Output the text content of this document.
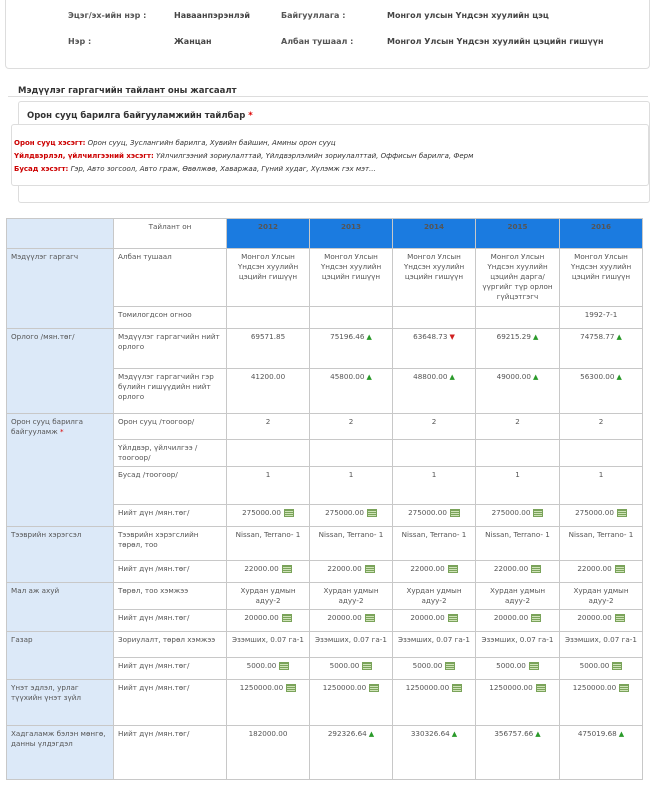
Эцэг/эх-ийн нэр :	Наваанпэрэнлэй
Нэр :	Жанцан
Байгууллага :	Монгол улсын Үндсэн хуулийн цэц
Албан тушаал :	Монгол Улсын Үндсэн хуулийн цэцийн гишүүн
Мэдүүлэг гаргагчийн тайлант оны жагсаалт
Орон сууц барилга байгууламжийн тайлбар *
Орон сууц хэсэгт: Орон сууц, Зуслангийн барилга, Хувийн байшин, Амины орон сууц
Үйлдвэрлэл, үйлчилгээний хэсэгт: Үйлчилгээний зориулалттай, Үйлдвэрлэлийн зориулалттай, Оффисын барилга, Ферм
Бусад хэсэгт: Гэр, Авто зогсоол, Авто граж, Өвөлжөө, Хаваржаа, Гүний худаг, Хүлэмж гэх мэт...
	Тайлант он	2012	2013	2014	2015	2016
Мэдүүлэг гаргагч	Албан тушаал	Монгол Улсын Үндсэн хуулийн цэцийн гишүүн	Монгол Улсын Үндсэн хуулийн цэцийн гишүүн	Монгол Улсын Үндсэн хуулийн цэцийн гишүүн	Монгол Улсын Үндсэн хуулийн цэцийн дарга/үүргийг түр орлон гүйцэтгэгч	Монгол Улсын Үндсэн хуулийн цэцийн гишүүн
	Томилогдсон огноо					1992-7-1
Орлого /мян.төг/	Мэдүүлэг гаргагчийн нийт орлого	69571.85	75196.46 ▲	63648.73 ▼	69215.29 ▲	74758.77 ▲
	Мэдүүлэг гаргагчийн гэр бүлийн гишүүдийн нийт орлого	41200.00	45800.00 ▲	48800.00 ▲	49000.00 ▲	56300.00 ▲
Орон сууц барилга байгууламж *	Орон сууц /тоогоор/	2	2	2	2	2
	Үйлдвэр, үйлчилгээ /тоогоор/					
	Бусад /тоогоор/	1	1	1	1	1
	Нийт дүн /мян.төг/	275000.00	275000.00	275000.00	275000.00	275000.00
Тээврийн хэрэгсэл	Тээврийн хэрэгслийн төрөл, тоо	Nissan, Terrano- 1	Nissan, Terrano- 1	Nissan, Terrano- 1	Nissan, Terrano- 1	Nissan, Terrano- 1
	Нийт дүн /мян.төг/	22000.00	22000.00	22000.00	22000.00	22000.00
Мал аж ахуй	Төрөл, тоо хэмжээ	Хурдан удмын адуу-2	Хурдан удмын адуу-2	Хурдан удмын адуу-2	Хурдан удмын адуу-2	Хурдан удмын адуу-2
	Нийт дүн /мян.төг/	20000.00	20000.00	20000.00	20000.00	20000.00
Газар	Зориулалт, төрөл хэмжээ	Эзэмших, 0.07 га-1	Эзэмших, 0.07 га-1	Эзэмших, 0.07 га-1	Эзэмших, 0.07 га-1	Эзэмших, 0.07 га-1
	Нийт дүн /мян.төг/	5000.00	5000.00	5000.00	5000.00	5000.00
Үнэт эдлэл, урлаг түүхийн үнэт зүйл	Нийт дүн /мян.төг/	1250000.00	1250000.00	1250000.00	1250000.00	1250000.00
Хадгаламж бэлэн мөнгө, данны үлдэгдэл	Нийт дүн /мян.төг/	182000.00	292326.64 ▲	330326.64 ▲	356757.66 ▲	475019.68 ▲
